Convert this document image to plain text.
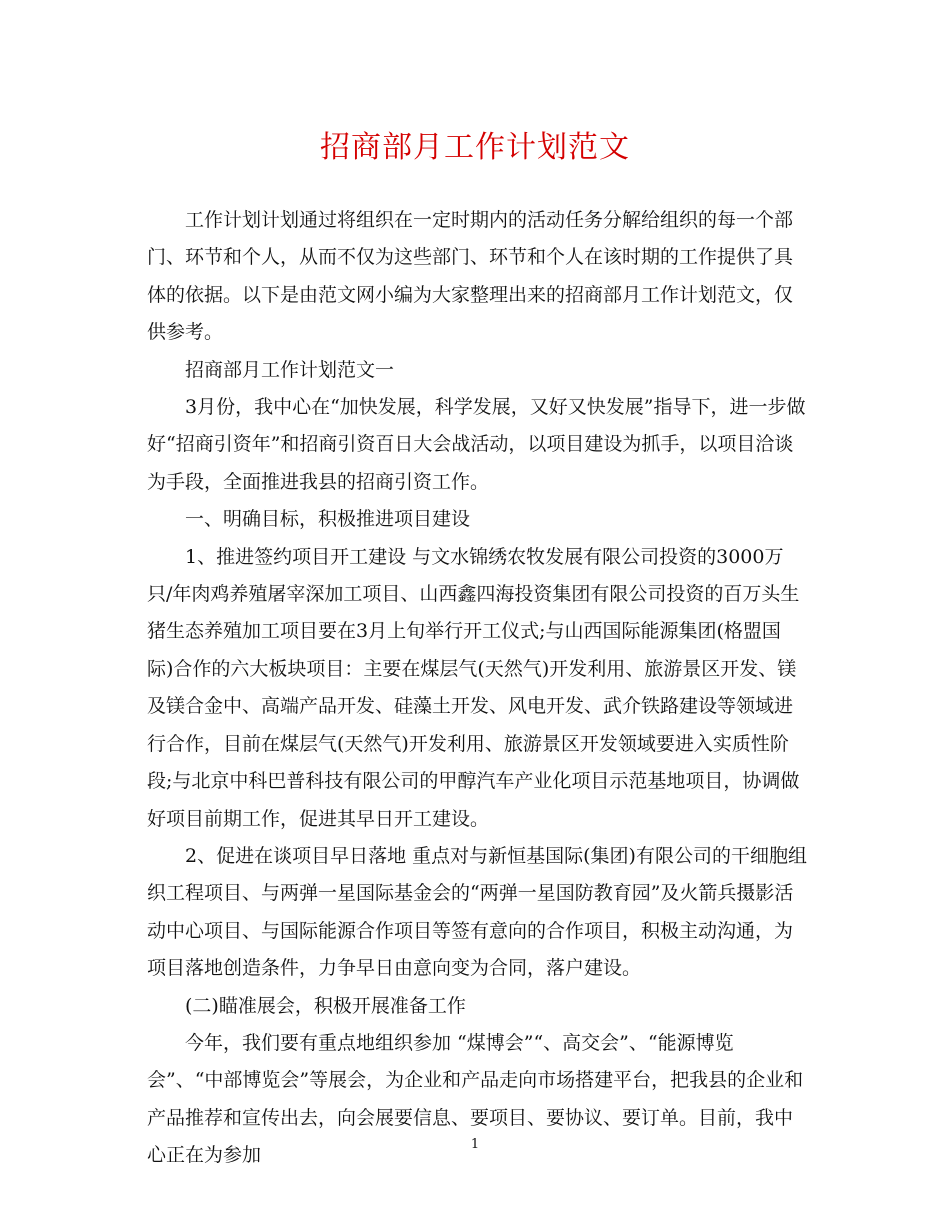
招商部月工作计划范文

工作计划计划通过将组织在一定时期内的活动任务分解给组织的每一个部门、环节和个人，从而不仅为这些部门、环节和个人在该时期的工作提供了具体的依据。以下是由范文网小编为大家整理出来的招商部月工作计划范文，仅供参考。

招商部月工作计划范文一

3月份，我中心在“加快发展，科学发展，又好又快发展”指导下，进一步做好“招商引资年”和招商引资百日大会战活动，以项目建设为抓手，以项目洽谈为手段，全面推进我县的招商引资工作。

一、明确目标，积极推进项目建设

1、推进签约项目开工建设 与文水锦绣农牧发展有限公司投资的3000万只/年肉鸡养殖屠宰深加工项目、山西鑫四海投资集团有限公司投资的百万头生猪生态养殖加工项目要在3月上旬举行开工仪式;与山西国际能源集团(格盟国际)合作的六大板块项目：主要在煤层气(天然气)开发利用、旅游景区开发、镁及镁合金中、高端产品开发、硅藻土开发、风电开发、武介铁路建设等领域进行合作，目前在煤层气(天然气)开发利用、旅游景区开发领域要进入实质性阶段;与北京中科巴普科技有限公司的甲醇汽车产业化项目示范基地项目，协调做好项目前期工作，促进其早日开工建设。

2、促进在谈项目早日落地 重点对与新恒基国际(集团)有限公司的干细胞组织工程项目、与两弹一星国际基金会的“两弹一星国防教育园”及火箭兵摄影活动中心项目、与国际能源合作项目等签有意向的合作项目，积极主动沟通，为项目落地创造条件，力争早日由意向变为合同，落户建设。

(二)瞄准展会，积极开展准备工作

今年，我们要有重点地组织参加 “煤博会”“、高交会”、“能源博览会”、“中部博览会”等展会，为企业和产品走向市场搭建平台，把我县的企业和产品推荐和宣传出去，向会展要信息、要项目、要协议、要订单。目前，我中心正在为参加	1
